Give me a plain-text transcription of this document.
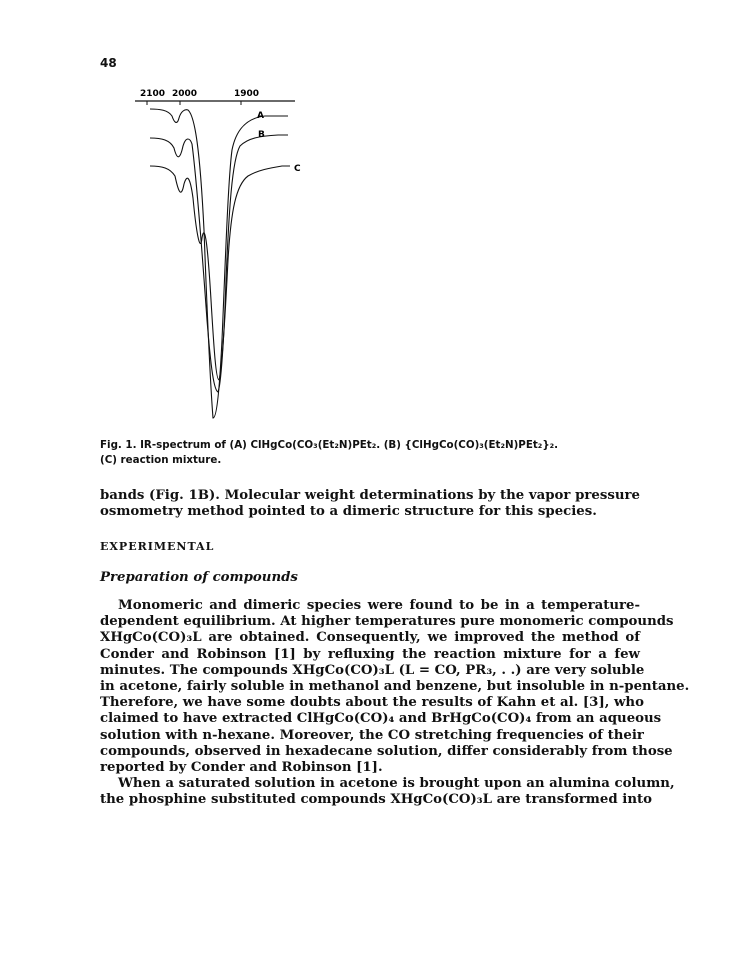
48
2100 2000	1900
A
B
C
Fig. 1. IR-spectrum of (A) ClHgCo(CO₃(Et₂N)PEt₂. (B) {ClHgCo(CO)₃(Et₂N)PEt₂}₂.
(C) reaction mixture.
bands (Fig. 1B). Molecular weight determinations by the vapor pressure
osmometry method pointed to a dimeric structure for this species.
EXPERIMENTAL
Preparation of compounds
Monomeric and dimeric species were found to be in a temperature-
dependent equilibrium. At higher temperatures pure monomeric compounds
XHgCo(CO)₃L are obtained. Consequently, we improved the method of
Conder and Robinson [1] by refluxing the reaction mixture for a few
minutes. The compounds XHgCo(CO)₃L (L = CO, PR₃, . .) are very soluble
in acetone, fairly soluble in methanol and benzene, but insoluble in n-pentane.
Therefore, we have some doubts about the results of Kahn et al. [3], who
claimed to have extracted ClHgCo(CO)₄ and BrHgCo(CO)₄ from an aqueous
solution with n-hexane. Moreover, the CO stretching frequencies of their
compounds, observed in hexadecane solution, differ considerably from those
reported by Conder and Robinson [1].
When a saturated solution in acetone is brought upon an alumina column,
the phosphine substituted compounds XHgCo(CO)₃L are transformed into
